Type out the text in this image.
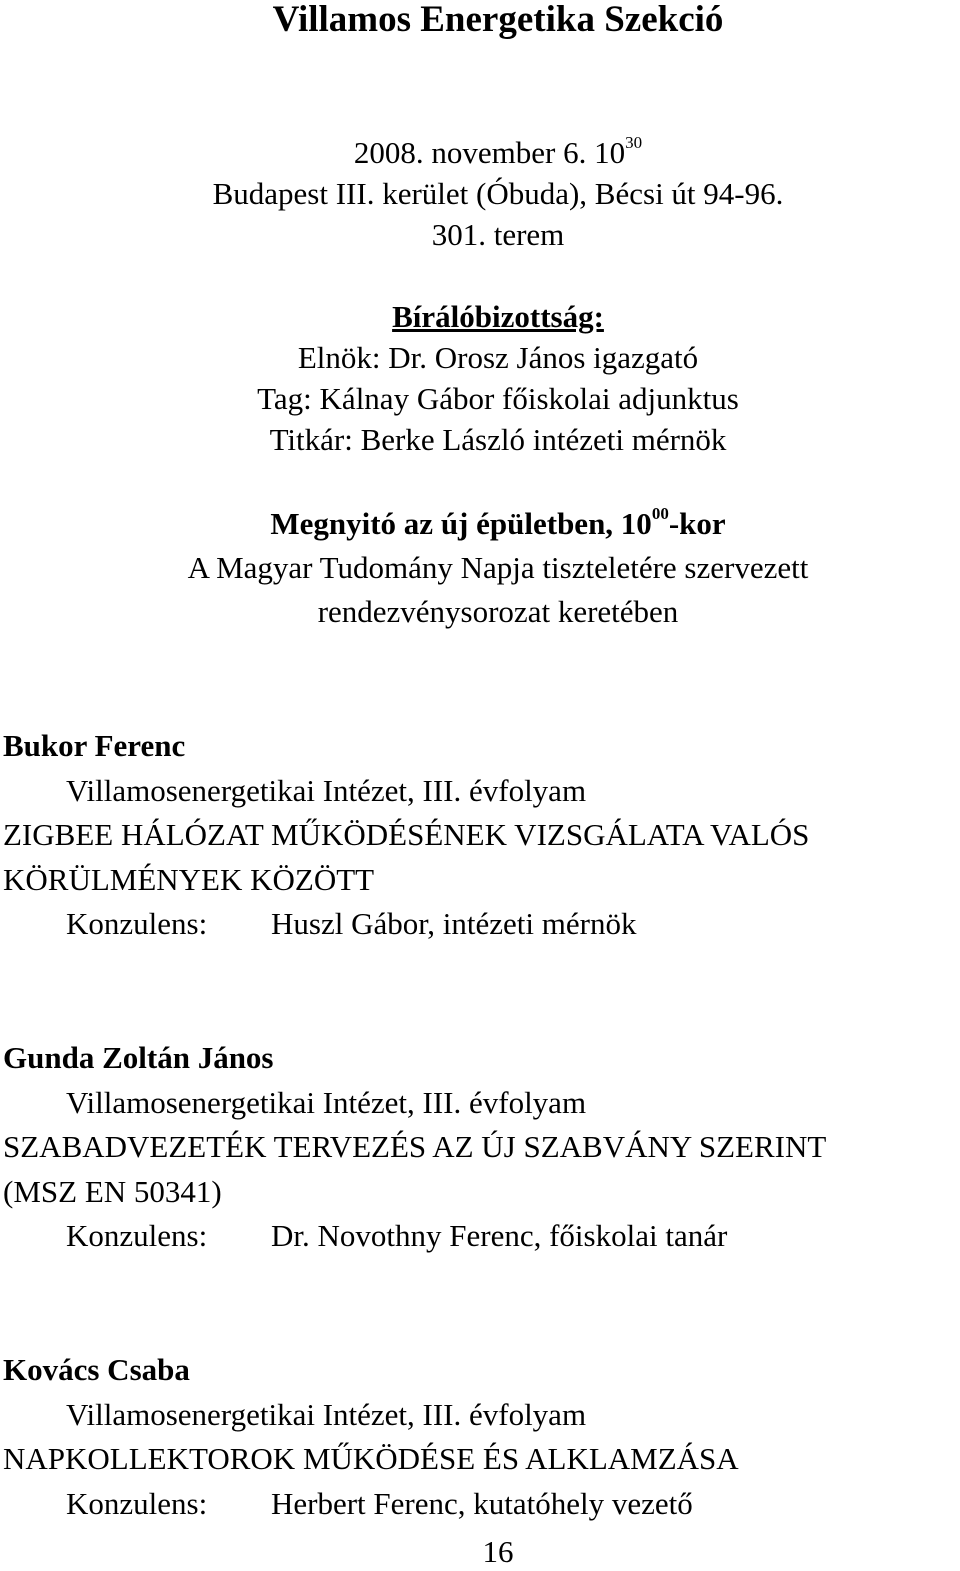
Villamos Energetika Szekció
2008. november 6. $10^{30}$
Budapest III. kerület (Óbuda), Bécsi út 94-96.
301. terem
Bírálóbizottság:
Elnök: Dr. Orosz János igazgató
Tag: Kálnay Gábor főiskolai adjunktus
Titkár: Berke László intézeti mérnök
Megnyitó az új épületben, $10^{00}$-kor
A Magyar Tudomány Napja tiszteletére szervezett
rendezvénysorozat keretében
Bukor Ferenc
Villamosenergetikai Intézet, III. évfolyam
ZIGBEE HÁLÓZAT MŰKÖDÉSÉNEK VIZSGÁLATA VALÓS
KÖRÜLMÉNYEK KÖZÖTT
Konzulens: Huszl Gábor, intézeti mérnök
Gunda Zoltán János
Villamosenergetikai Intézet, III. évfolyam
SZABADVEZETÉK TERVEZÉS AZ ÚJ SZABVÁNY SZERINT
(MSZ EN 50341)
Konzulens: Dr. Novothny Ferenc, főiskolai tanár
Kovács Csaba
Villamosenergetikai Intézet, III. évfolyam
NAPKOLLEKTOROK MŰKÖDÉSE ÉS ALKLAMZÁSA
Konzulens: Herbert Ferenc, kutatóhely vezető
16
